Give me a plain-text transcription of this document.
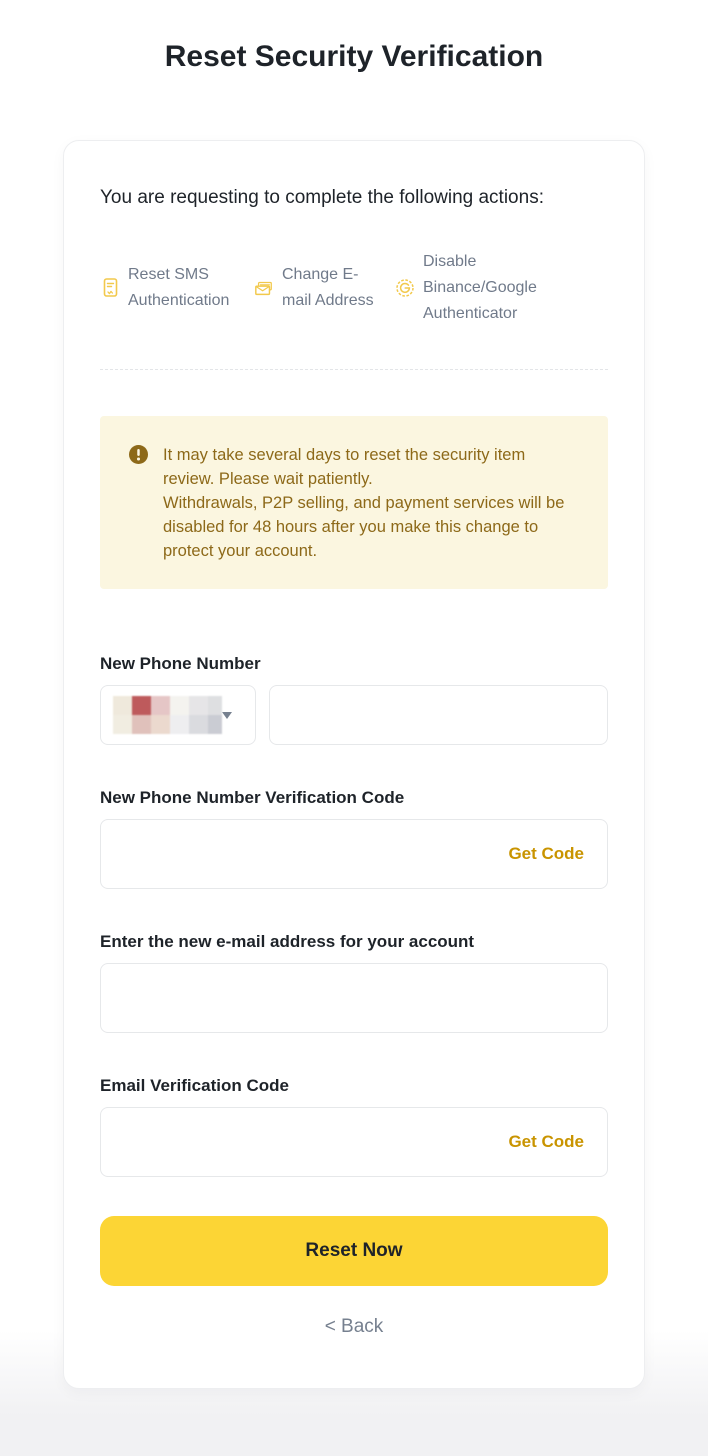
Reset Security Verification
You are requesting to complete the following actions:
Reset SMS Authentication
Change E-mail Address
Disable Binance/Google Authenticator
It may take several days to reset the security item review. Please wait patiently.
Withdrawals, P2P selling, and payment services will be disabled for 48 hours after you make this change to protect your account.
New Phone Number
New Phone Number Verification Code
Get Code
Enter the new e-mail address for your account
Email Verification Code
Get Code
Reset Now
< Back
